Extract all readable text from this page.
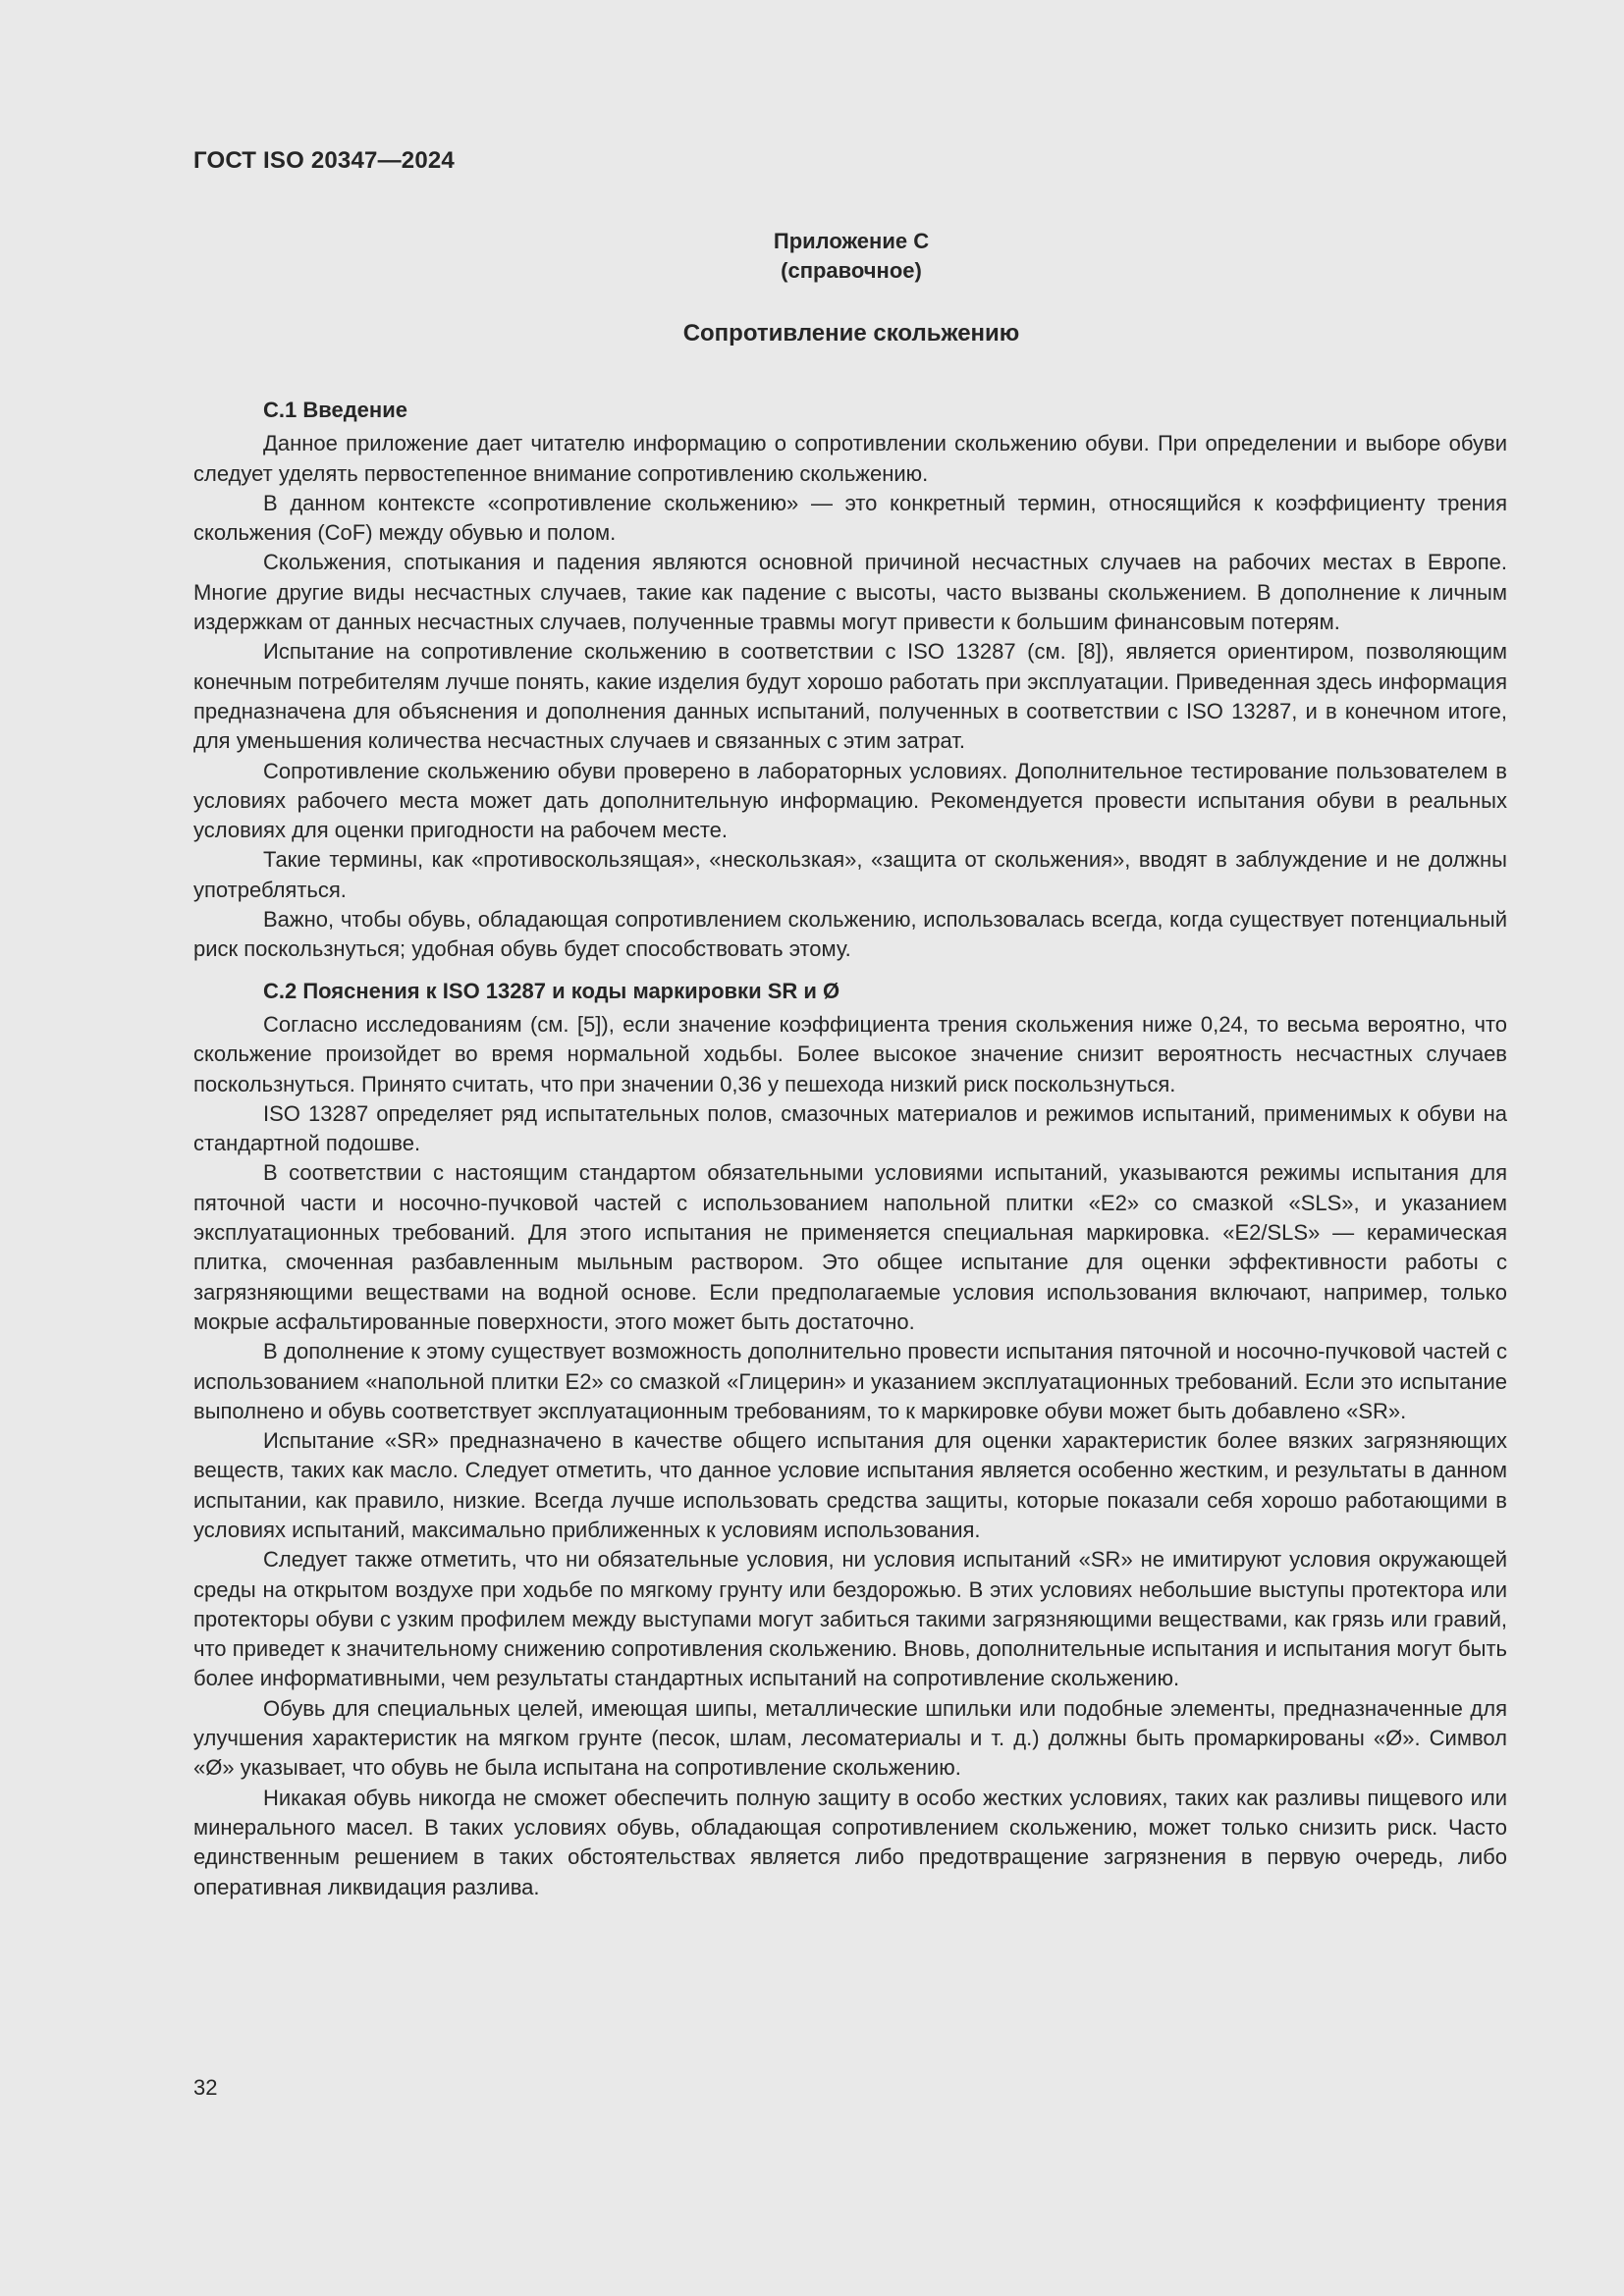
ГОСТ ISO 20347—2024
Приложение С
(справочное)
Сопротивление скольжению
С.1 Введение

Данное приложение дает читателю информацию о сопротивлении скольжению обуви. При определении и выборе обуви следует уделять первостепенное внимание сопротивлению скольжению.

В данном контексте «сопротивление скольжению» — это конкретный термин, относящийся к коэффициенту трения скольжения (CoF) между обувью и полом.

Скольжения, спотыкания и падения являются основной причиной несчастных случаев на рабочих местах в Европе. Многие другие виды несчастных случаев, такие как падение с высоты, часто вызваны скольжением. В дополнение к личным издержкам от данных несчастных случаев, полученные травмы могут привести к большим финансовым потерям.

Испытание на сопротивление скольжению в соответствии с ISO 13287 (см. [8]), является ориентиром, позволяющим конечным потребителям лучше понять, какие изделия будут хорошо работать при эксплуатации. Приведенная здесь информация предназначена для объяснения и дополнения данных испытаний, полученных в соответствии с ISO 13287, и в конечном итоге, для уменьшения количества несчастных случаев и связанных с этим затрат.

Сопротивление скольжению обуви проверено в лабораторных условиях. Дополнительное тестирование пользователем в условиях рабочего места может дать дополнительную информацию. Рекомендуется провести испытания обуви в реальных условиях для оценки пригодности на рабочем месте.

Такие термины, как «противоскользящая», «нескользкая», «защита от скольжения», вводят в заблуждение и не должны употребляться.

Важно, чтобы обувь, обладающая сопротивлением скольжению, использовалась всегда, когда существует потенциальный риск поскользнуться; удобная обувь будет способствовать этому.

С.2 Пояснения к ISO 13287 и коды маркировки SR и Ø

Согласно исследованиям (см. [5]), если значение коэффициента трения скольжения ниже 0,24, то весьма вероятно, что скольжение произойдет во время нормальной ходьбы. Более высокое значение снизит вероятность несчастных случаев поскользнуться. Принято считать, что при значении 0,36 у пешехода низкий риск поскользнуться.

ISO 13287 определяет ряд испытательных полов, смазочных материалов и режимов испытаний, применимых к обуви на стандартной подошве.

В соответствии с настоящим стандартом обязательными условиями испытаний, указываются режимы испытания для пяточной части и носочно-пучковой частей с использованием напольной плитки «Е2» со смазкой «SLS», и указанием эксплуатационных требований. Для этого испытания не применяется специальная маркировка. «E2/SLS» — керамическая плитка, смоченная разбавленным мыльным раствором. Это общее испытание для оценки эффективности работы с загрязняющими веществами на водной основе. Если предполагаемые условия использования включают, например, только мокрые асфальтированные поверхности, этого может быть достаточно.

В дополнение к этому существует возможность дополнительно провести испытания пяточной и носочно-пучковой частей с использованием «напольной плитки Е2» со смазкой «Глицерин» и указанием эксплуатационных требований. Если это испытание выполнено и обувь соответствует эксплуатационным требованиям, то к маркировке обуви может быть добавлено «SR».

Испытание «SR» предназначено в качестве общего испытания для оценки характеристик более вязких загрязняющих веществ, таких как масло. Следует отметить, что данное условие испытания является особенно жестким, и результаты в данном испытании, как правило, низкие. Всегда лучше использовать средства защиты, которые показали себя хорошо работающими в условиях испытаний, максимально приближенных к условиям использования.

Следует также отметить, что ни обязательные условия, ни условия испытаний «SR» не имитируют условия окружающей среды на открытом воздухе при ходьбе по мягкому грунту или бездорожью. В этих условиях небольшие выступы протектора или протекторы обуви с узким профилем между выступами могут забиться такими загрязняющими веществами, как грязь или гравий, что приведет к значительному снижению сопротивления скольжению. Вновь, дополнительные испытания и испытания могут быть более информативными, чем результаты стандартных испытаний на сопротивление скольжению.

Обувь для специальных целей, имеющая шипы, металлические шпильки или подобные элементы, предназначенные для улучшения характеристик на мягком грунте (песок, шлам, лесоматериалы и т. д.) должны быть промаркированы «Ø». Символ «Ø» указывает, что обувь не была испытана на сопротивление скольжению.

Никакая обувь никогда не сможет обеспечить полную защиту в особо жестких условиях, таких как разливы пищевого или минерального масел. В таких условиях обувь, обладающая сопротивлением скольжению, может только снизить риск. Часто единственным решением в таких обстоятельствах является либо предотвращение загрязнения в первую очередь, либо оперативная ликвидация разлива.

32
